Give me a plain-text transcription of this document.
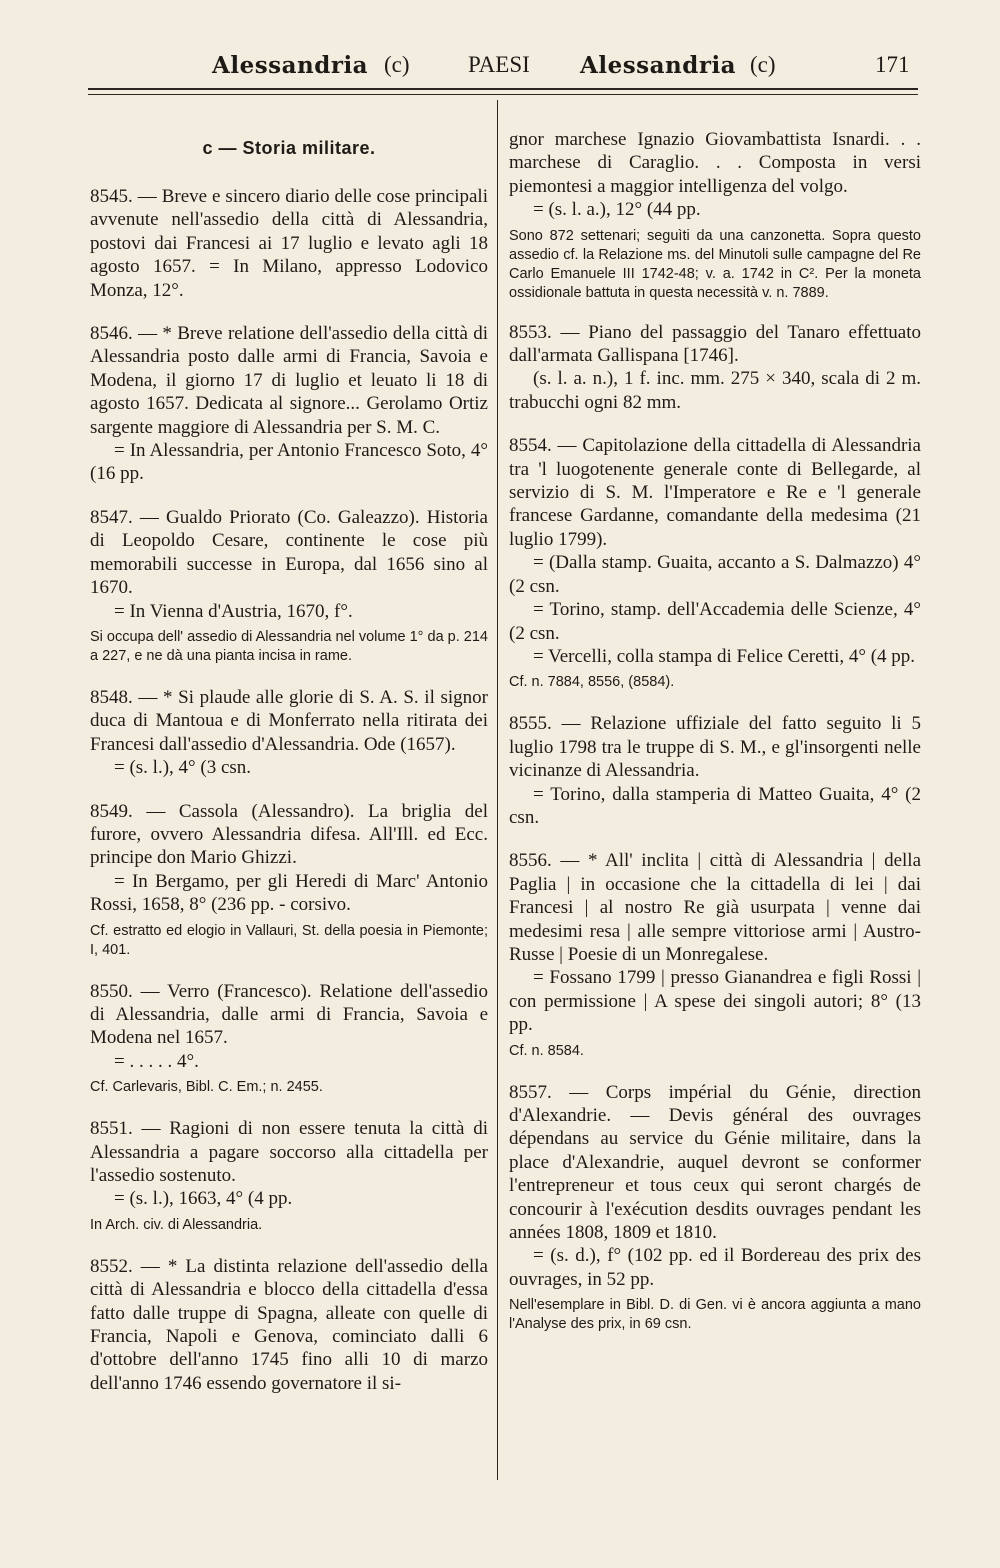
Alessandria (c)	PAESI Alessandria (c)	171
c — Storia militare.

8545. — Breve e sincero diario delle cose principali avvenute nell'assedio della città di Alessandria, postovi dai Francesi ai 17 luglio e levato agli 18 agosto 1657. = In Milano, appresso Lodovico Monza, 12°.

8546. — * Breve relatione dell'assedio della città di Alessandria posto dalle armi di Francia, Savoia e Modena, il giorno 17 di luglio et leuato li 18 di agosto 1657. Dedicata al signore... Gerolamo Ortiz sargente maggiore di Alessandria per S. M. C.

= In Alessandria, per Antonio Francesco Soto, 4° (16 pp.

8547. — Gualdo Priorato (Co. Galeazzo). Historia di Leopoldo Cesare, continente le cose più memorabili successe in Europa, dal 1656 sino al 1670.

= In Vienna d'Austria, 1670, f°.

Si occupa dell' assedio di Alessandria nel volume 1° da p. 214 a 227, e ne dà una pianta incisa in rame.

8548. — * Si plaude alle glorie di S. A. S. il signor duca di Mantoua e di Monferrato nella ritirata dei Francesi dall'assedio d'Alessandria. Ode (1657).

= (s. l.), 4° (3 csn.

8549. — Cassola (Alessandro). La briglia del furore, ovvero Alessandria difesa. All'Ill. ed Ecc. principe don Mario Ghizzi.

= In Bergamo, per gli Heredi di Marc' Antonio Rossi, 1658, 8° (236 pp. - corsivo.

Cf. estratto ed elogio in Vallauri, St. della poesia in Piemonte; I, 401.

8550. — Verro (Francesco). Relatione dell'assedio di Alessandria, dalle armi di Francia, Savoia e Modena nel 1657.

= . . . . . 4°.

Cf. Carlevaris, Bibl. C. Em.; n. 2455.

8551. — Ragioni di non essere tenuta la città di Alessandria a pagare soccorso alla cittadella per l'assedio sostenuto.

= (s. l.), 1663, 4° (4 pp.

In Arch. civ. di Alessandria.

8552. — * La distinta relazione dell'assedio della città di Alessandria e blocco della cittadella d'essa fatto dalle truppe di Spagna, alleate con quelle di Francia, Napoli e Genova, cominciato dalli 6 d'ottobre dell'anno 1745 fino alli 10 di marzo dell'anno 1746 essendo governatore il si-

gnor marchese Ignazio Giovambattista Isnardi. . . marchese di Caraglio. . . Composta in versi piemontesi a maggior intelligenza del volgo.

= (s. l. a.), 12° (44 pp.

Sono 872 settenari; seguìti da una canzonetta. Sopra questo assedio cf. la Relazione ms. del Minutoli sulle campagne del Re Carlo Emanuele III 1742-48; v. a. 1742 in C². Per la moneta ossidionale battuta in questa necessità v. n. 7889.

8553. — Piano del passaggio del Tanaro effettuato dall'armata Gallispana [1746].

(s. l. a. n.), 1 f. inc. mm. 275 × 340, scala di 2 m. trabucchi ogni 82 mm.

8554. — Capitolazione della cittadella di Alessandria tra 'l luogotenente generale conte di Bellegarde, al servizio di S. M. l'Imperatore e Re e 'l generale francese Gardanne, comandante della medesima (21 luglio 1799).

= (Dalla stamp. Guaita, accanto a S. Dalmazzo) 4° (2 csn.

= Torino, stamp. dell'Accademia delle Scienze, 4° (2 csn.

= Vercelli, colla stampa di Felice Ceretti, 4° (4 pp.

Cf. n. 7884, 8556, (8584).

8555. — Relazione uffiziale del fatto seguito li 5 luglio 1798 tra le truppe di S. M., e gl'insorgenti nelle vicinanze di Alessandria.

= Torino, dalla stamperia di Matteo Guaita, 4° (2 csn.

8556. — * All' inclita | città di Alessandria | della Paglia | in occasione che la cittadella di lei | dai Francesi | al nostro Re già usurpata | venne dai medesimi resa | alle sempre vittoriose armi | Austro-Russe | Poesie di un Monregalese.

= Fossano 1799 | presso Gianandrea e figli Rossi | con permissione | A spese dei singoli autori; 8° (13 pp.

Cf. n. 8584.

8557. — Corps impérial du Génie, direction d'Alexandrie. — Devis général des ouvrages dépendans au service du Génie militaire, dans la place d'Alexandrie, auquel devront se conformer l'entrepreneur et tous ceux qui seront chargés de concourir à l'exécution desdits ouvrages pendant les années 1808, 1809 et 1810.

= (s. d.), f° (102 pp. ed il Bordereau des prix des ouvrages, in 52 pp.

Nell'esemplare in Bibl. D. di Gen. vi è ancora aggiunta a mano l'Analyse des prix, in 69 csn.
